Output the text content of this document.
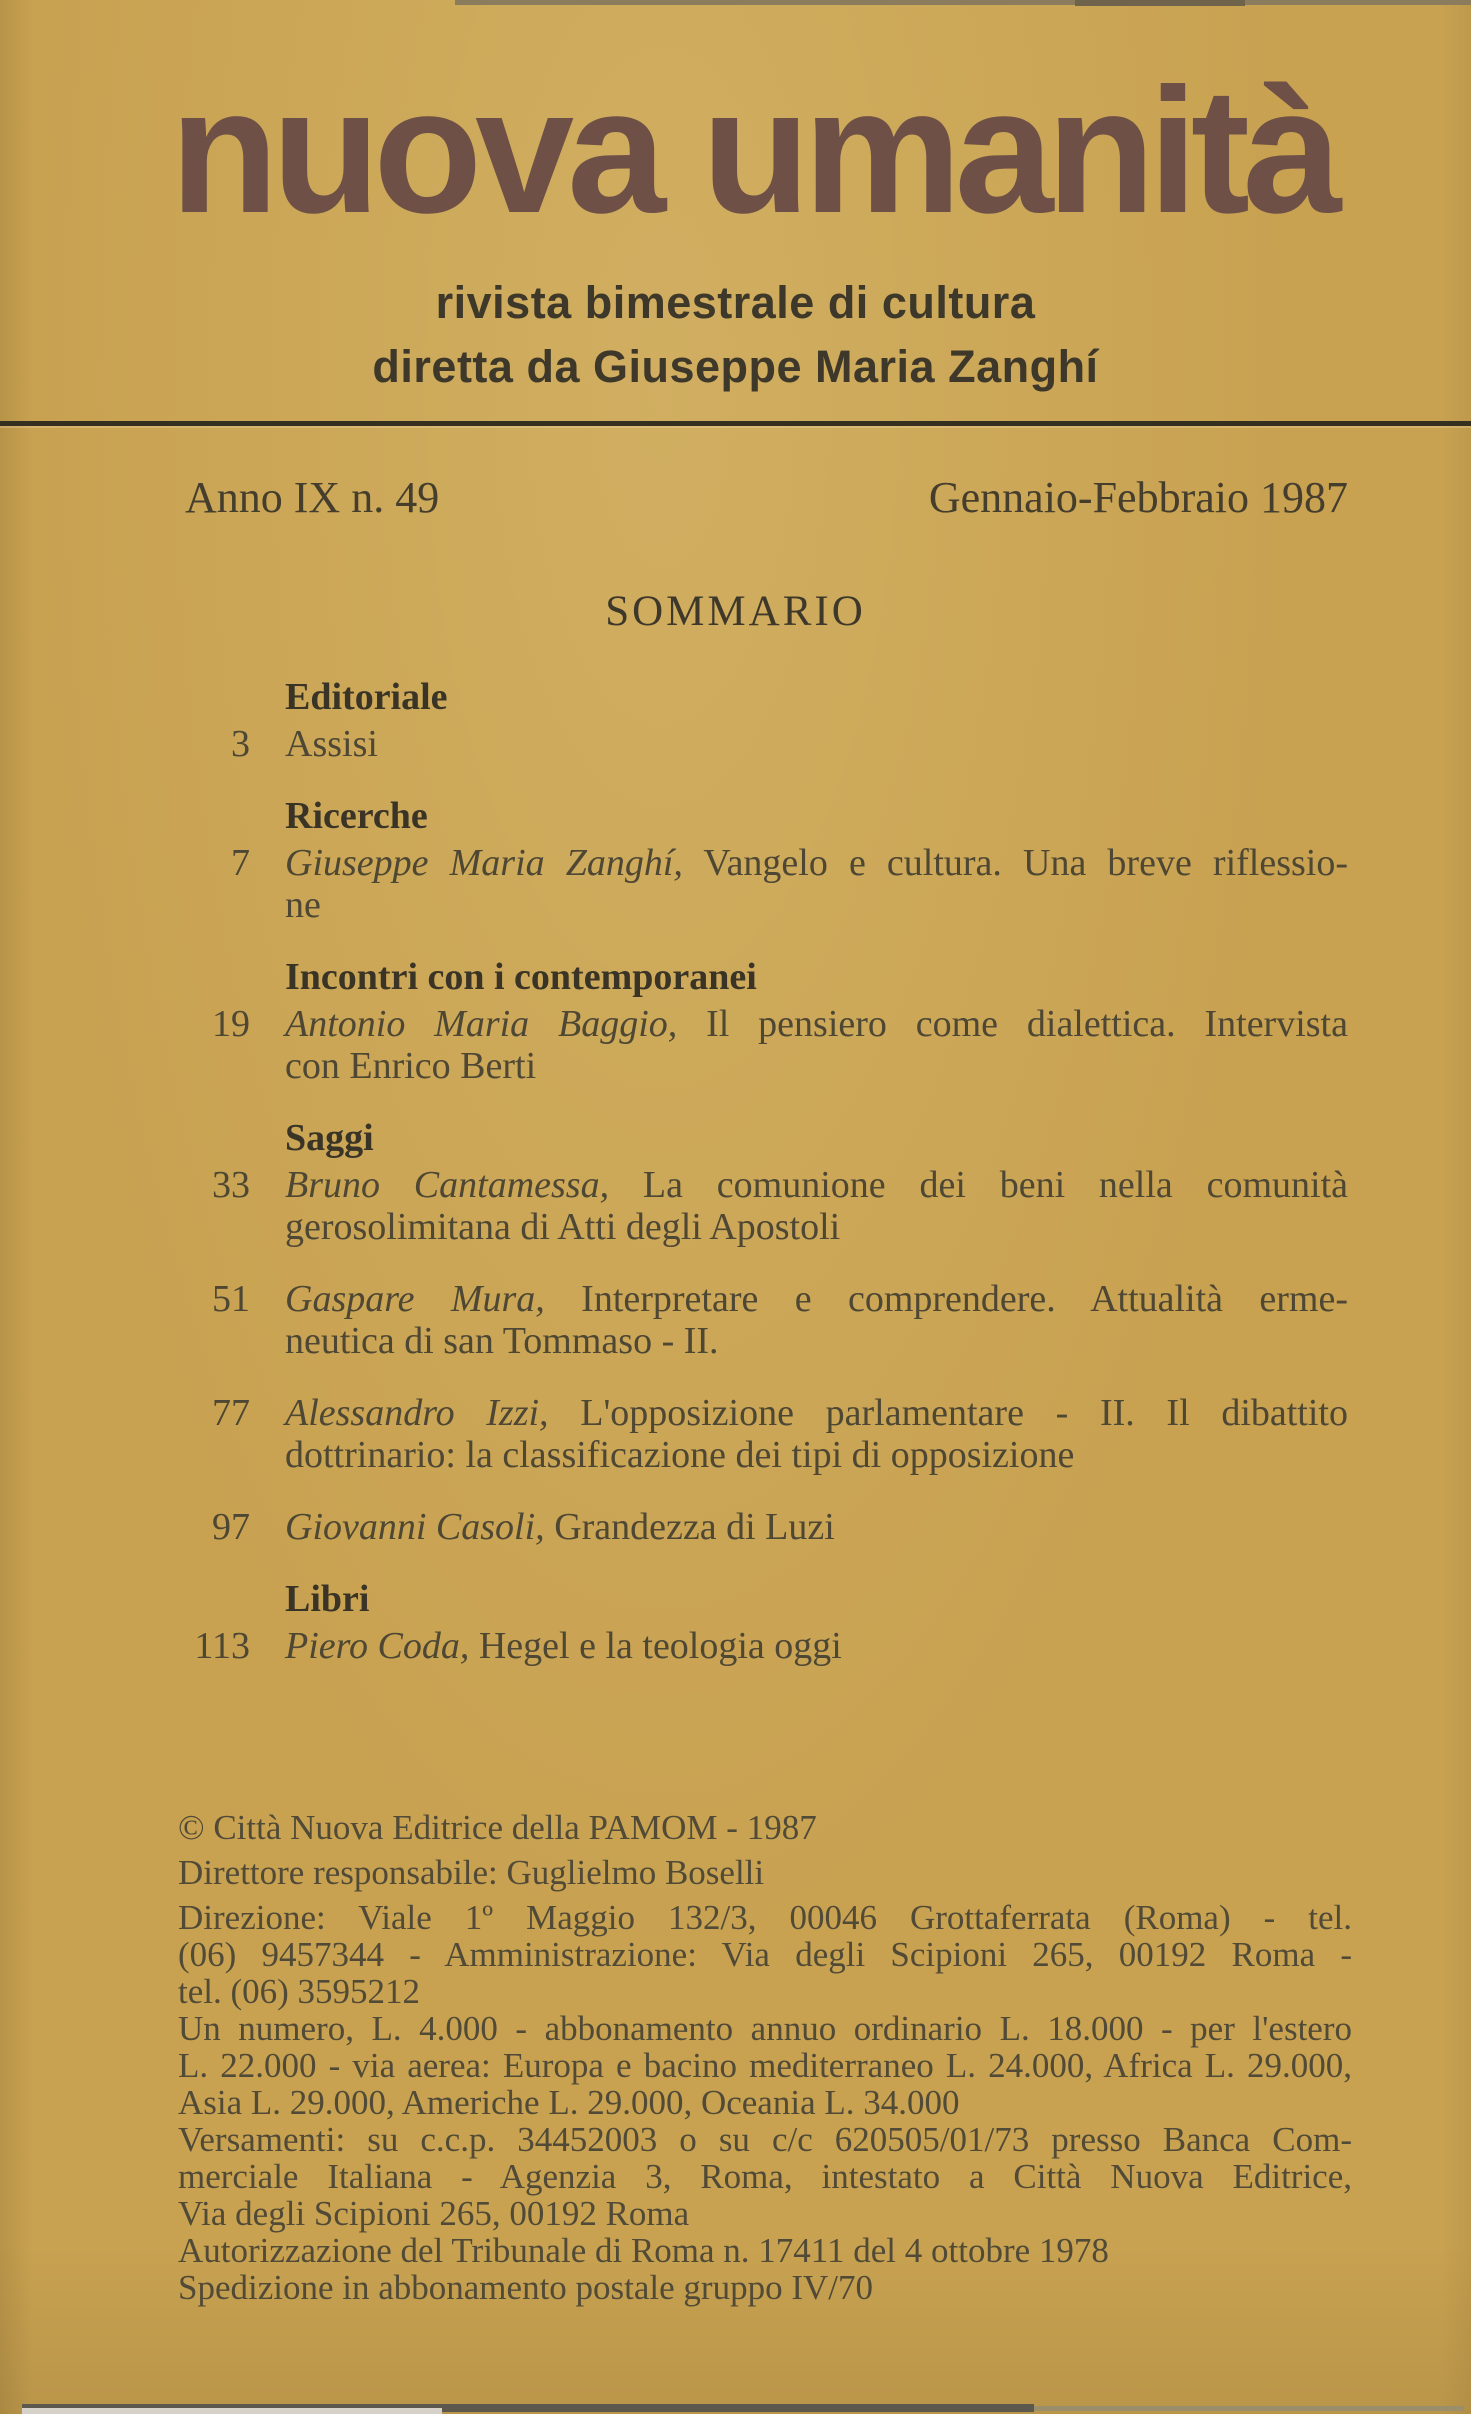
nuova umanità
rivista bimestrale di cultura
diretta da Giuseppe Maria Zanghí
Anno IX n. 49	Gennaio-Febbraio 1987
SOMMARIO
Editoriale
3 Assisi
Ricerche
7 Giuseppe Maria Zanghí, Vangelo e cultura. Una breve riflessio-
ne
Incontri con i contemporanei
19 Antonio Maria Baggio, Il pensiero come dialettica. Intervista
con Enrico Berti
Saggi
33 Bruno Cantamessa, La comunione dei beni nella comunità
gerosolimitana di Atti degli Apostoli
51 Gaspare Mura, Interpretare e comprendere. Attualità erme-
neutica di san Tommaso - II.
77 Alessandro Izzi, L'opposizione parlamentare - II. Il dibattito
dottrinario: la classificazione dei tipi di opposizione
97 Giovanni Casoli, Grandezza di Luzi
Libri
113 Piero Coda, Hegel e la teologia oggi
© Città Nuova Editrice della PAMOM - 1987
Direttore responsabile: Guglielmo Boselli
Direzione: Viale 1º Maggio 132/3, 00046 Grottaferrata (Roma) - tel.
(06) 9457344 - Amministrazione: Via degli Scipioni 265, 00192 Roma -
tel. (06) 3595212
Un numero, L. 4.000 - abbonamento annuo ordinario L. 18.000 - per l'estero
L. 22.000 - via aerea: Europa e bacino mediterraneo L. 24.000, Africa L. 29.000,
Asia L. 29.000, Americhe L. 29.000, Oceania L. 34.000
Versamenti: su c.c.p. 34452003 o su c/c 620505/01/73 presso Banca Com-
merciale Italiana - Agenzia 3, Roma, intestato a Città Nuova Editrice,
Via degli Scipioni 265, 00192 Roma
Autorizzazione del Tribunale di Roma n. 17411 del 4 ottobre 1978
Spedizione in abbonamento postale gruppo IV/70
